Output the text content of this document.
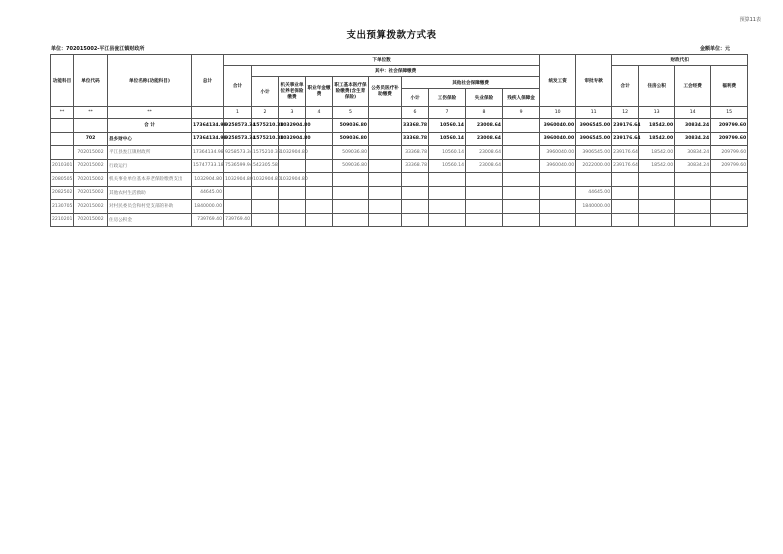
预算11表
支出预算拨款方式表
单位：702015002-平江县瓮江镇财政所	金额单位：元
功能科目	单位代码	单位名称(功能科目)	总计	下单位数										统发工资	审批专款	财政代扣			
				合计	其中：社会保障缴费											合计	住房公积	工会经费	福利费
					小计	机关事业单位养老保险缴费	职业年金缴费	职工基本医疗保险缴费(含生育保险)	公务员医疗补助缴费	其他社会保障缴费									
										小计	工伤保险	失业保险	残疾人保障金						
**	**	**		1	2	3	4	5		6	7	8	9	10	11	12	13	14	15
		合 计	17364134.98	9258573.34	1575210.38	1032904.80		509036.80		33368.78	10560.14	23008.64		3960040.00	3906545.00	239176.64	18542.00	30834.24	209799.60
	702	县乡财中心	17364134.98	9258573.34	1575210.38	1032904.80		509036.80		33368.78	10560.14	23008.64		3960040.00	3906545.00	239176.64	18542.00	30834.24	209799.60
	702015002	平江县瓮江镇财政所	17364134.98	9258573.34	1575210.38	1032904.80		509036.80		33368.78	10560.14	23008.64		3960040.00	3906545.00	239176.64	18542.00	30834.24	209799.60
2010301	702015002	行政运行	15747733.18	7536599.94	542305.58			509036.80		33368.78	10560.14	23008.64		3960040.00	2022000.00	239176.64	18542.00	30834.24	209799.60
2080505	702015002	机关事业单位基本养老保险缴费支出	1032904.80	1032904.80	1032904.80	1032904.80													
2082502	702015002	其他农村生活救助	44645.00												44645.00				
2130705	702015002	对村民委员会和村党支部的补助	1840000.00												1840000.00				
2210201	702015002	住房公积金	739769.40	739769.40															
